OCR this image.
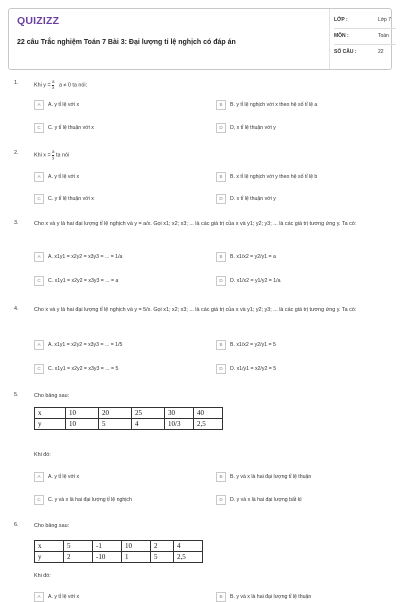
QUIZIZZ
22 câu Trắc nghiệm Toán 7 Bài 3: Đại lượng tỉ lệ nghịch có đáp án
LỚP :	Lớp 7
MÔN :	Toán
SỐ CÂU :	22
1.	Khi $y = \frac{a}{x}$ a ≠ 0 ta nói:
A A. y tỉ lệ với x	B B. y tỉ lệ nghịch với x theo hệ số tỉ lệ a
C C. y tỉ lệ thuận với x	D D, x tỉ lệ thuận với y
2.	Khi $x = \frac{a}{y}$ ta nói
A A. y tỉ lệ với x	B B. x tỉ lệ nghịch với y theo hệ số tỉ lệ b
C C. y tỉ lệ thuận với x	D D. x tỉ lệ thuận với y
3.	Cho x và y là hai đại lượng tỉ lệ nghịch và y = a/x. Gọi x1; x2; x3; ... là các giá trị của x và y1; y2; y3; ... là các giá trị tương ứng y. Ta có:
A A. x1y1 = x2y2 = x3y3 = ... = 1/a	B B. x1/x2 = y2/y1 = a
C C. x1y1 = x2y2 = x3y3 = ... = a	D D. x1/x2 = y1/y2 = 1/a
4.	Cho x và y là hai đại lượng tỉ lệ nghịch và y = 5/x. Gọi x1; x2; x3; ... là các giá trị của x và y1; y2; y3; ... là các giá trị tương ứng y. Ta có:
A A. x1y1 = x2y2 = x3y3 = ... = 1/5	B B. x1/x2 = y2/y1 = 5
C C. x1y1 = x2y2 = x3y3 = ... = 5	D D. x1/y1 = x2/y2 = 5
5.	Cho bảng sau:
x	10	20	25	30	40
y	10	5	4	10/3	2,5
Khi đó:
A A. y tỉ lệ với x	B B. y và x là hai đại lượng tỉ lệ thuận
C C. y và x là hai đại lượng tỉ lệ nghịch	D D. y và x là hai đại lượng bất kì
6.	Cho bảng sau:
x	5	-1	10	2	4
y	2	-10	1	5	2,5
Khi đó:
A A. y tỉ lệ với x	B B. y và x là hai đại lượng tỉ lệ thuận
